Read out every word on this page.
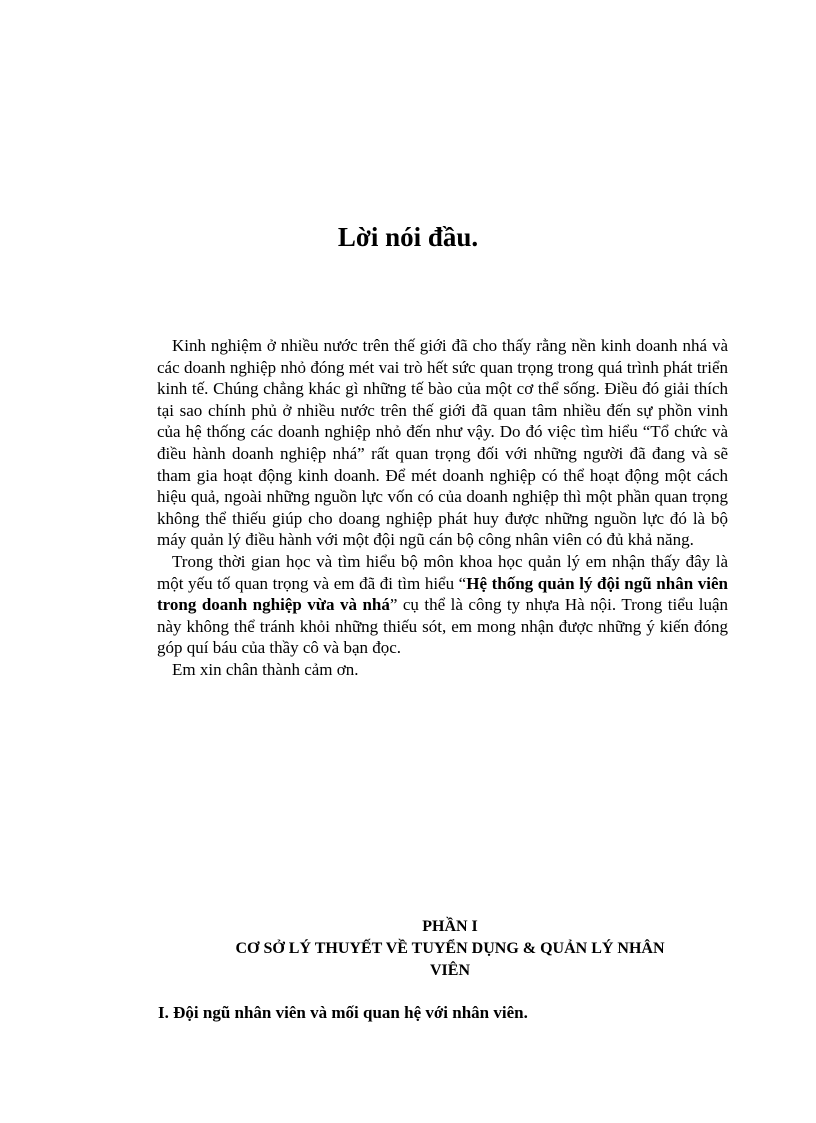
Lời nói đầu.

Kinh nghiệm ở nhiều nước trên thế giới đã cho thấy rằng nền kinh doanh nhá và các doanh nghiệp nhỏ đóng mét vai trò hết sức quan trọng trong quá trình phát triển kinh tế. Chúng chẳng khác gì những tế bào của một cơ thể sống. Điều đó giải thích tại sao chính phủ ở nhiều nước trên thế giới đã quan tâm nhiều đến sự phồn vinh của hệ thống các doanh nghiệp nhỏ đến như vậy. Do đó việc tìm hiểu “Tổ chức và điều hành doanh nghiệp nhá” rất quan trọng đối với những người đã đang và sẽ tham gia hoạt động kinh doanh. Để mét doanh nghiệp có thể hoạt động một cách hiệu quả, ngoài những nguồn lực vốn có của doanh nghiệp thì một phần quan trọng không thể thiếu giúp cho doang nghiệp phát huy được những nguồn lực đó là bộ máy quản lý điều hành với một đội ngũ cán bộ công nhân viên có đủ khả năng.

Trong thời gian học và tìm hiểu bộ môn khoa học quản lý em nhận thấy đây là một yếu tố quan trọng và em đã đi tìm hiểu “Hệ thống quản lý đội ngũ nhân viên trong doanh nghiệp vừa và nhá” cụ thể là công ty nhựa Hà nội. Trong tiểu luận này không thể tránh khỏi những thiếu sót, em mong nhận được những ý kiến đóng góp quí báu của thầy cô và bạn đọc.

Em xin chân thành cảm ơn.

PHẦN I
CƠ SỞ LÝ THUYẾT VỀ TUYỂN DỤNG & QUẢN LÝ NHÂN
VIÊN
I. Đội ngũ nhân viên và mối quan hệ với nhân viên.
